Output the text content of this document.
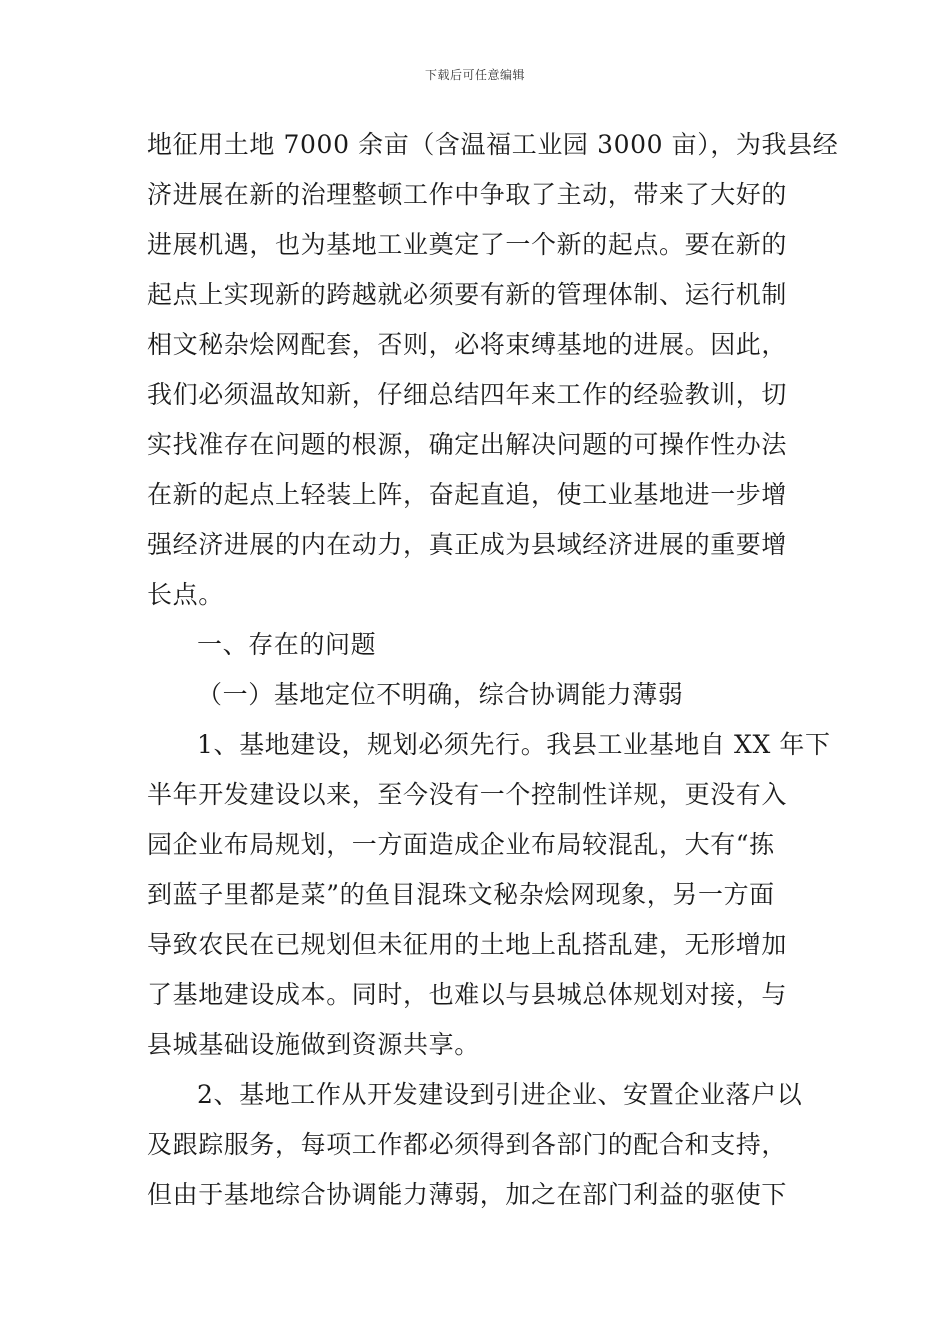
下载后可任意编辑
地征用土地 7000 余亩（含温福工业园 3000 亩），为我县经
济进展在新的治理整顿工作中争取了主动，带来了大好的
进展机遇，也为基地工业奠定了一个新的起点。要在新的
起点上实现新的跨越就必须要有新的管理体制、运行机制
相文秘杂烩网配套，否则，必将束缚基地的进展。因此，
我们必须温故知新，仔细总结四年来工作的经验教训，切
实找准存在问题的根源，确定出解决问题的可操作性办法
在新的起点上轻装上阵，奋起直追，使工业基地进一步增
强经济进展的内在动力，真正成为县域经济进展的重要增
长点。
一、存在的问题
（一）基地定位不明确，综合协调能力薄弱
1、基地建设，规划必须先行。我县工业基地自 XX 年下
半年开发建设以来，至今没有一个控制性详规，更没有入
园企业布局规划，一方面造成企业布局较混乱，大有“拣
到蓝子里都是菜”的鱼目混珠文秘杂烩网现象，另一方面
导致农民在已规划但未征用的土地上乱搭乱建，无形增加
了基地建设成本。同时，也难以与县城总体规划对接，与
县城基础设施做到资源共享。
2、基地工作从开发建设到引进企业、安置企业落户以
及跟踪服务，每项工作都必须得到各部门的配合和支持，
但由于基地综合协调能力薄弱，加之在部门利益的驱使下
